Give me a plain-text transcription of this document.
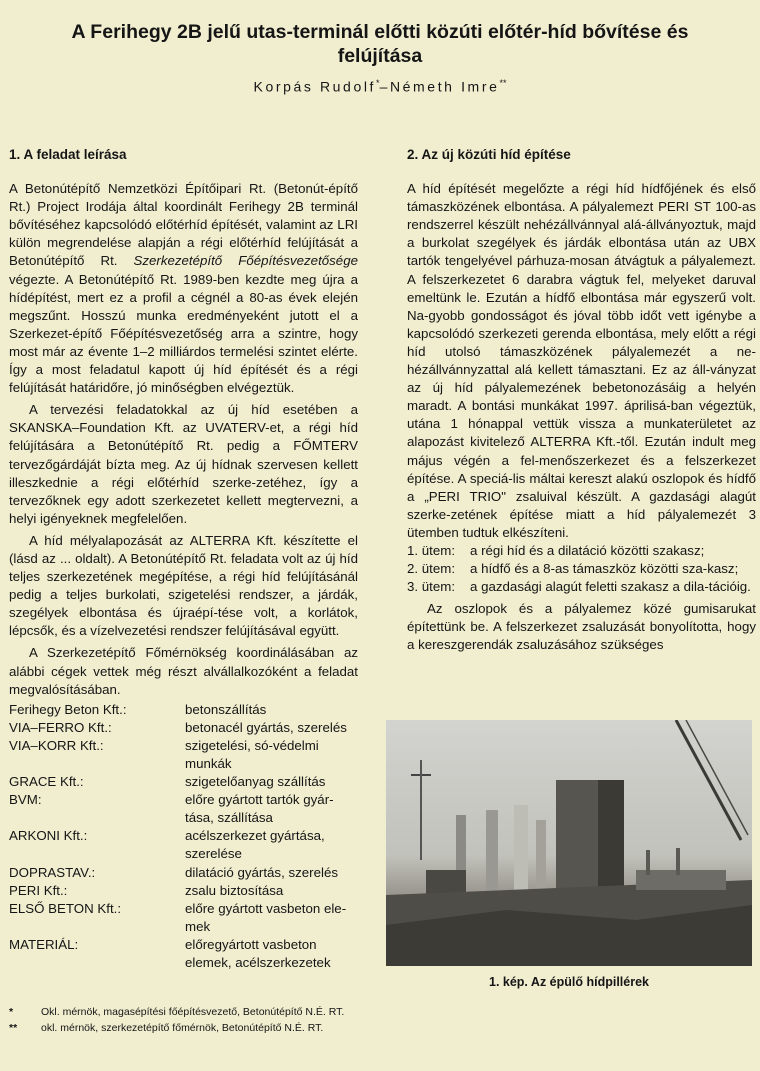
A Ferihegy 2B jelű utas-terminál előtti közúti előtér-híd bővítése és felújítása
Korpás Rudolf*–Németh Imre**
1. A feladat leírása
A Betonútépítő Nemzetközi Építőipari Rt. (Betonút-építő Rt.) Project Irodája által koordinált Ferihegy 2B terminál bővítéséhez kapcsolódó előtérhíd építését, valamint az LRI külön megrendelése alapján a régi előtérhíd felújítását a Betonútépítő Rt. Szerkezetépítő Főépítésvezetősége végezte. A Betonútépítő Rt. 1989-ben kezdte meg újra a hídépítést, mert ez a profil a cégnél a 80-as évek elején megszűnt. Hosszú munka eredményeként jutott el a Szerkezet-építő Főépítésvezetőség arra a szintre, hogy most már az évente 1–2 milliárdos termelési szintet elérte. Így a most feladatul kapott új híd építését és a régi felújítását határidőre, jó minőségben elvégeztük.
A tervezési feladatokkal az új híd esetében a SKANSKA–Foundation Kft. az UVATERV-et, a régi híd felújítására a Betonútépítő Rt. pedig a FŐMTERV tervezőgárdáját bízta meg. Az új hídnak szervesen kellett illeszkednie a régi előtérhíd szerke-zetéhez, így a tervezőknek egy adott szerkezetet kellett megtervezni, a helyi igényeknek megfelelően.
A híd mélyalapozását az ALTERRA Kft. készítette el (lásd az ... oldalt). A Betonútépítő Rt. feladata volt az új híd teljes szerkezetének megépítése, a régi híd felújításánál pedig a teljes burkolati, szigetelési rendszer, a járdák, szegélyek elbontása és újraépí-tése volt, a korlátok, lépcsők, és a vízelvezetési rendszer felújításával együtt.
A Szerkezetépítő Főmérnökség koordinálásában az alábbi cégek vettek még részt alvállalkozóként a feladat megvalósításában.
Ferihegy Beton Kft.:	betonszállítás
VIA–FERRO Kft.:	betonacél gyártás, szerelés
VIA–KORR Kft.:	szigetelési, só-védelmi munkák
GRACE Kft.:	szigetelőanyag szállítás
BVM:	előre gyártott tartók gyár-tása, szállítása
ARKONI Kft.:	acélszerkezet gyártása, szerelése
DOPRASTAV.:	dilatáció gyártás, szerelés
PERI Kft.:	zsalu biztosítása
ELSŐ BETON Kft.:	előre gyártott vasbeton ele-mek
MATERIÁL:	előregyártott vasbeton elemek, acélszerkezetek
2. Az új közúti híd építése
A híd építését megelőzte a régi híd hídfőjének és első támaszközének elbontása. A pályalemezt PERI ST 100-as rendszerrel készült nehézállvánnyal alá-állványoztuk, majd a burkolat szegélyek és járdák elbontása után az UBX tartók tengelyével párhuza-mosan átvágtuk a pályalemezt. A felszerkezetet 6 darabra vágtuk fel, melyeket daruval emeltünk le. Ezután a hídfő elbontása már egyszerű volt. Na-gyobb gondosságot és jóval több időt vett igénybe a kapcsolódó szerkezeti gerenda elbontása, mely előtt a régi híd utolsó támaszközének pályalemezét a ne-hézállvánnyzattal alá kellett támasztani. Ez az áll-ványzat az új híd pályalemezének bebetonozásáig a helyén maradt. A bontási munkákat 1997. áprilisá-ban végeztük, utána 1 hónappal vettük vissza a munkaterületet az alapozást kivitelező ALTERRA Kft.-től. Ezután indult meg május végén a fel-menőszerkezet és a felszerkezet építése. A speciá-lis máltai kereszt alakú oszlopok és hídfő a „PERI TRIO" zsaluival készült. A gazdasági alagút szerke-zetének építése miatt a híd pályalemezét 3 ütemben tudtuk elkészíteni.
1. ütem:	a régi híd és a dilatáció közötti szakasz;
2. ütem:	a hídfő és a 8-as támaszköz közötti sza-kasz;
3. ütem:	a gazdasági alagút feletti szakasz a dila-tációig.
Az oszlopok és a pályalemez közé gumisarukat építettünk be. A felszerkezet zsaluzását bonyolította, hogy a kereszgerendák zsaluzásához szükséges
1. kép. Az épülő hídpillérek
*	Okl. mérnök, magasépítési főépítésvezető, Betonútépítő N.É. RT.
**	okl. mérnök, szerkezetépítő főmérnök, Betonútépítő N.É. RT.
